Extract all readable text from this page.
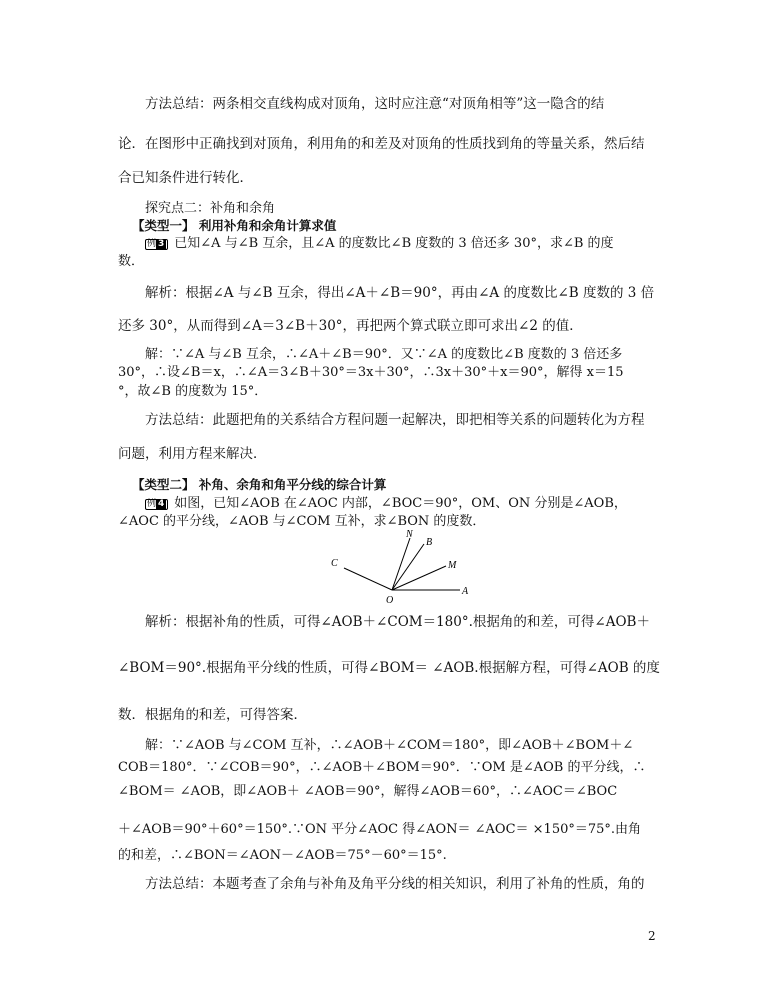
方法总结：两条相交直线构成对顶角，这时应注意“对顶角相等”这一隐含的结
论．在图形中正确找到对顶角，利用角的和差及对顶角的性质找到角的等量关系，然后结
合已知条件进行转化．
探究点二：补角和余角
【类型一】 利用补角和余角计算求值
例 3 已知∠A 与∠B 互余，且∠A 的度数比∠B 度数的 3 倍还多 30°，求∠B 的度
数．
解析：根据∠A 与∠B 互余，得出∠A＋∠B＝90°，再由∠A 的度数比∠B 度数的 3 倍
还多 30°，从而得到∠A＝3∠B＋30°，再把两个算式联立即可求出∠2 的值．
解：∵∠A 与∠B 互余，∴∠A＋∠B＝90°．又∵∠A 的度数比∠B 度数的 3 倍还多
30°，∴设∠B＝x，∴∠A＝3∠B＋30°＝3x＋30°，∴3x＋30°＋x＝90°，解得 x＝15
°，故∠B 的度数为 15°．
方法总结：此题把角的关系结合方程问题一起解决，即把相等关系的问题转化为方程
问题，利用方程来解决．
【类型二】 补角、余角和角平分线的综合计算
例 4 如图，已知∠AOB 在∠AOC 内部，∠BOC＝90°，OM、ON 分别是∠AOB，
∠AOC 的平分线，∠AOB 与∠COM 互补，求∠BON 的度数．
N
B
C	M
O
A
解析：根据补角的性质，可得∠AOB＋∠COM＝180°.根据角的和差，可得∠AOB＋
∠BOM＝90°.根据角平分线的性质，可得∠BOM＝ ∠AOB.根据解方程，可得∠AOB 的度
数．根据角的和差，可得答案．
解：∵∠AOB 与∠COM 互补，∴∠AOB＋∠COM＝180°，即∠AOB＋∠BOM＋∠
COB＝180°．∵∠COB＝90°，∴∠AOB＋∠BOM＝90°．∵OM 是∠AOB 的平分线，∴
∠BOM＝ ∠AOB，即∠AOB＋ ∠AOB＝90°，解得∠AOB＝60°，∴∠AOC＝∠BOC
＋∠AOB＝90°＋60°＝150°.∵ON 平分∠AOC 得∠AON＝ ∠AOC＝ ×150°＝75°.由角
的和差，∴∠BON＝∠AON－∠AOB＝75°－60°＝15°.
方法总结：本题考查了余角与补角及角平分线的相关知识，利用了补角的性质，角的
2
